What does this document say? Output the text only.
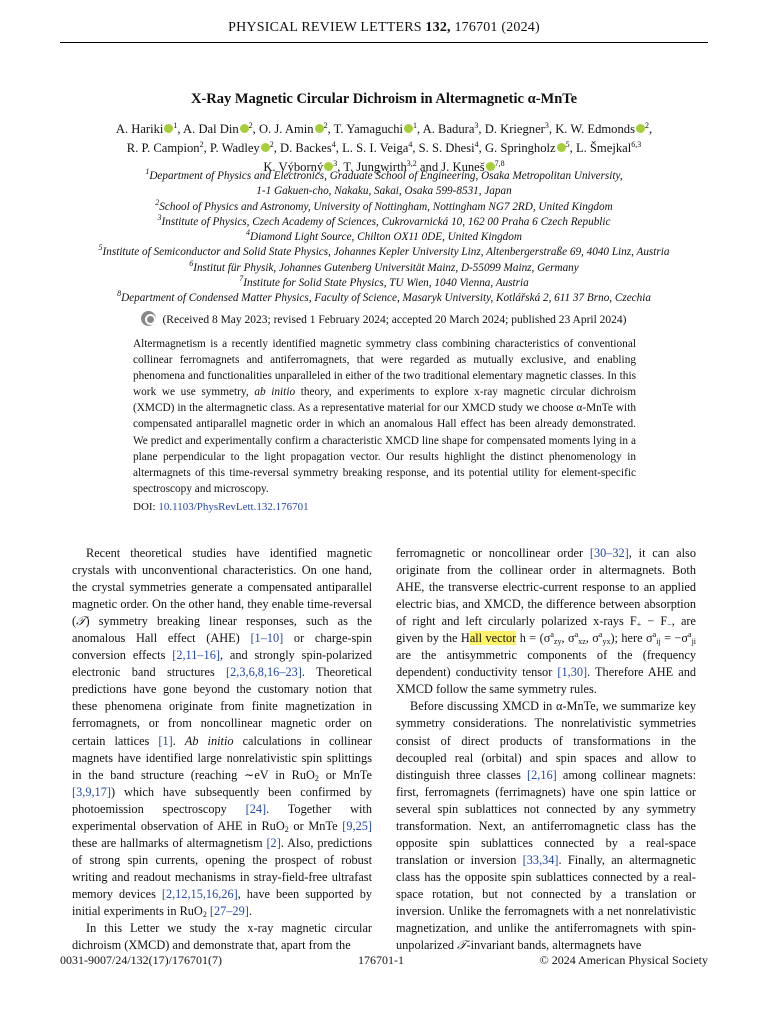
PHYSICAL REVIEW LETTERS 132, 176701 (2024)
X-Ray Magnetic Circular Dichroism in Altermagnetic α-MnTe
A. Hariki $^1$, A. Dal Din $^2$, O. J. Amin $^2$, T. Yamaguchi $^1$, A. Badura$^3$, D. Kriegner$^3$, K. W. Edmonds $^2$,
R. P. Campion$^2$, P. Wadley $^2$, D. Backes$^4$, L. S. I. Veiga$^4$, S. S. Dhesi$^4$, G. Springholz $^5$, L. Šmejkal$^{6,3}$
K. Výborný $^3$, T. Jungwirth$^{3,2}$ and J. Kuneš $^{7,8}$
$^1$Department of Physics and Electronics, Graduate School of Engineering, Osaka Metropolitan University,
1-1 Gakuen-cho, Nakaku, Sakai, Osaka 599-8531, Japan
$^2$School of Physics and Astronomy, University of Nottingham, Nottingham NG7 2RD, United Kingdom
$^3$Institute of Physics, Czech Academy of Sciences, Cukrovarnická 10, 162 00 Praha 6 Czech Republic
$^4$Diamond Light Source, Chilton OX11 0DE, United Kingdom
$^5$Institute of Semiconductor and Solid State Physics, Johannes Kepler University Linz, Altenbergerstraße 69, 4040 Linz, Austria
$^6$Institut für Physik, Johannes Gutenberg Universität Mainz, D-55099 Mainz, Germany
$^7$Institute for Solid State Physics, TU Wien, 1040 Vienna, Austria
$^8$Department of Condensed Matter Physics, Faculty of Science, Masaryk University, Kotlářská 2, 611 37 Brno, Czechia
(Received 8 May 2023; revised 1 February 2024; accepted 20 March 2024; published 23 April 2024)
Altermagnetism is a recently identified magnetic symmetry class combining characteristics of conventional collinear ferromagnets and antiferromagnets, that were regarded as mutually exclusive, and enabling phenomena and functionalities unparalleled in either of the two traditional elementary magnetic classes. In this work we use symmetry, ab initio theory, and experiments to explore x-ray magnetic circular dichroism (XMCD) in the altermagnetic class. As a representative material for our XMCD study we choose α-MnTe with compensated antiparallel magnetic order in which an anomalous Hall effect has been already demonstrated. We predict and experimentally confirm a characteristic XMCD line shape for compensated moments lying in a plane perpendicular to the light propagation vector. Our results highlight the distinct phenomenology in altermagnets of this time-reversal symmetry breaking response, and its potential utility for element-specific spectroscopy and microscopy.
DOI: 10.1103/PhysRevLett.132.176701

Recent theoretical studies have identified magnetic crystals with unconventional characteristics. On one hand, the crystal symmetries generate a compensated antiparallel magnetic order. On the other hand, they enable time-reversal (𝒯) symmetry breaking linear responses, such as the anomalous Hall effect (AHE) [1–10] or charge-spin conversion effects [2,11–16], and strongly spin-polarized electronic band structures [2,3,6,8,16–23]. Theoretical predictions have gone beyond the customary notion that these phenomena originate from finite magnetization in ferromagnets, or from noncollinear magnetic order on certain lattices [1]. Ab initio calculations in collinear magnets have identified large nonrelativistic spin splittings in the band structure (reaching ∼eV in RuO$_2$ or MnTe [3,9,17]) which have subsequently been confirmed by photoemission spectroscopy [24]. Together with experimental observation of AHE in RuO$_2$ or MnTe [9,25] these are hallmarks of altermagnetism [2]. Also, predictions of strong spin currents, opening the prospect of robust writing and readout mechanisms in stray-field-free ultrafast memory devices [2,12,15,16,26], have been supported by initial experiments in RuO$_2$ [27–29].

In this Letter we study the x-ray magnetic circular dichroism (XMCD) and demonstrate that, apart from the

ferromagnetic or noncollinear order [30–32], it can also originate from the collinear order in altermagnets. Both AHE, the transverse electric-current response to an applied electric bias, and XMCD, the difference between absorption of right and left circularly polarized x-rays $F_+ - F_-$, are given by the Hall vector $h = (\sigma^a_{zy}$, $\sigma^a_{xz}$, $\sigma^a_{yx}$); here $\sigma^a_{ij} = -\sigma^a_{ji}$ are the antisymmetric components of the (frequency dependent) conductivity tensor [1,30]. Therefore AHE and XMCD follow the same symmetry rules.

Before discussing XMCD in α-MnTe, we summarize key symmetry considerations. The nonrelativistic symmetries consist of direct products of transformations in the decoupled real (orbital) and spin spaces and allow to distinguish three classes [2,16] among collinear magnets: first, ferromagnets (ferrimagnets) have one spin lattice or several spin sublattices not connected by any symmetry transformation. Next, an antiferromagnetic class has the opposite spin sublattices connected by a real-space translation or inversion [33,34]. Finally, an altermagnetic class has the opposite spin sublattices connected by a real-space rotation, but not connected by a translation or inversion. Unlike the ferromagnets with a net nonrelativistic magnetization, and unlike the antiferromagnets with spin-unpolarized 𝒯-invariant bands, altermagnets have

0031-9007/24/132(17)/176701(7)	176701-1	© 2024 American Physical Society
